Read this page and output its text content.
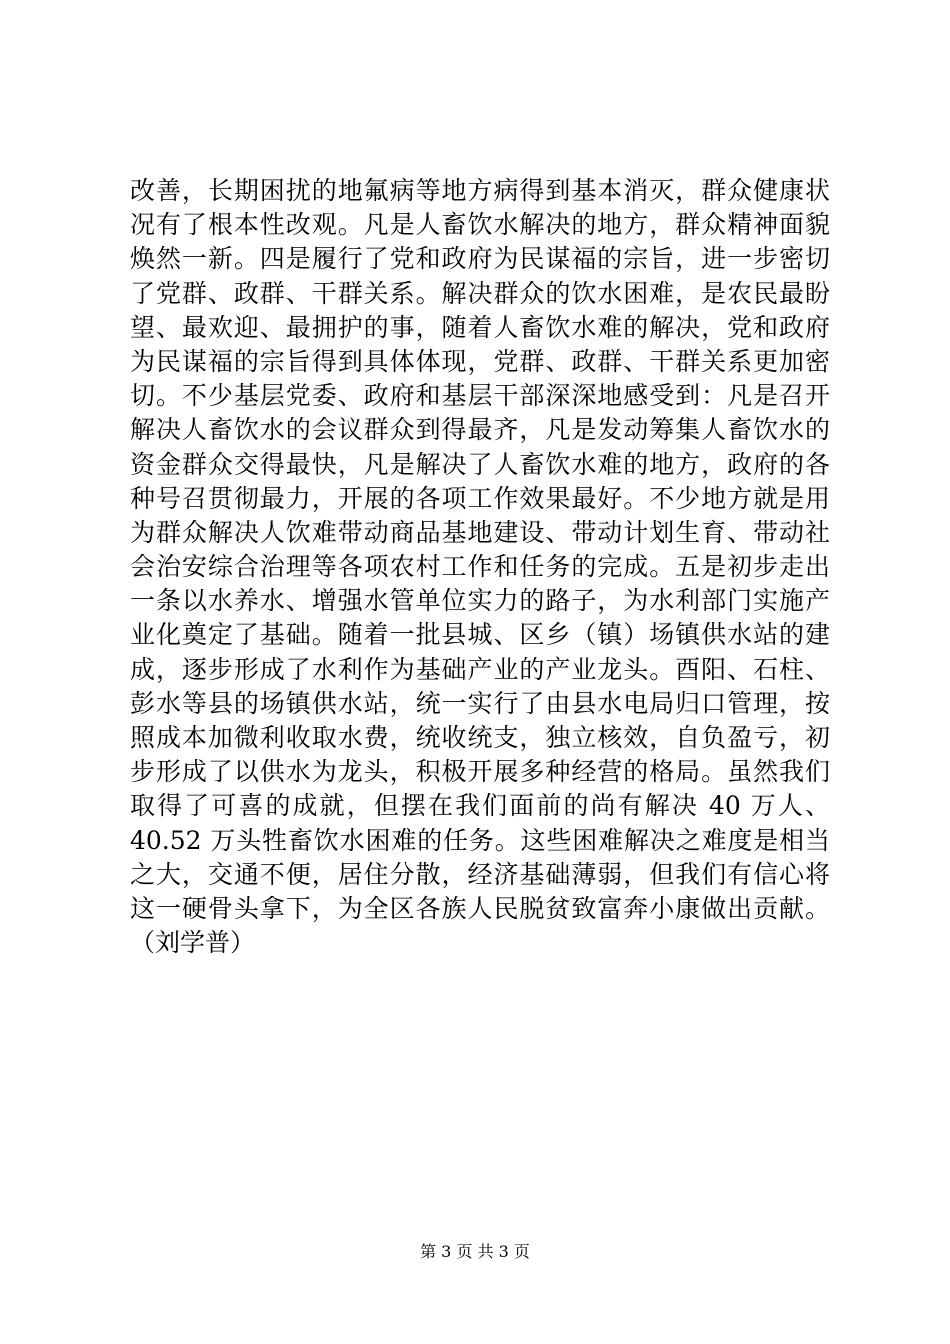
改善，长期困扰的地氟病等地方病得到基本消灭，群众健康状
况有了根本性改观。凡是人畜饮水解决的地方，群众精神面貌
焕然一新。四是履行了党和政府为民谋福的宗旨，进一步密切
了党群、政群、干群关系。解决群众的饮水困难，是农民最盼
望、最欢迎、最拥护的事，随着人畜饮水难的解决，党和政府
为民谋福的宗旨得到具体体现，党群、政群、干群关系更加密
切。不少基层党委、政府和基层干部深深地感受到：凡是召开
解决人畜饮水的会议群众到得最齐，凡是发动筹集人畜饮水的
资金群众交得最快，凡是解决了人畜饮水难的地方，政府的各
种号召贯彻最力，开展的各项工作效果最好。不少地方就是用
为群众解决人饮难带动商品基地建设、带动计划生育、带动社
会治安综合治理等各项农村工作和任务的完成。五是初步走出
一条以水养水、增强水管单位实力的路子，为水利部门实施产
业化奠定了基础。随着一批县城、区乡（镇）场镇供水站的建
成，逐步形成了水利作为基础产业的产业龙头。酉阳、石柱、
彭水等县的场镇供水站，统一实行了由县水电局归口管理，按
照成本加微利收取水费，统收统支，独立核效，自负盈亏，初
步形成了以供水为龙头，积极开展多种经营的格局。虽然我们
取得了可喜的成就，但摆在我们面前的尚有解决 40 万人、
40.52 万头牲畜饮水困难的任务。这些困难解决之难度是相当
之大，交通不便，居住分散，经济基础薄弱，但我们有信心将
这一硬骨头拿下，为全区各族人民脱贫致富奔小康做出贡献。
（刘学普）
第 3 页 共 3 页
